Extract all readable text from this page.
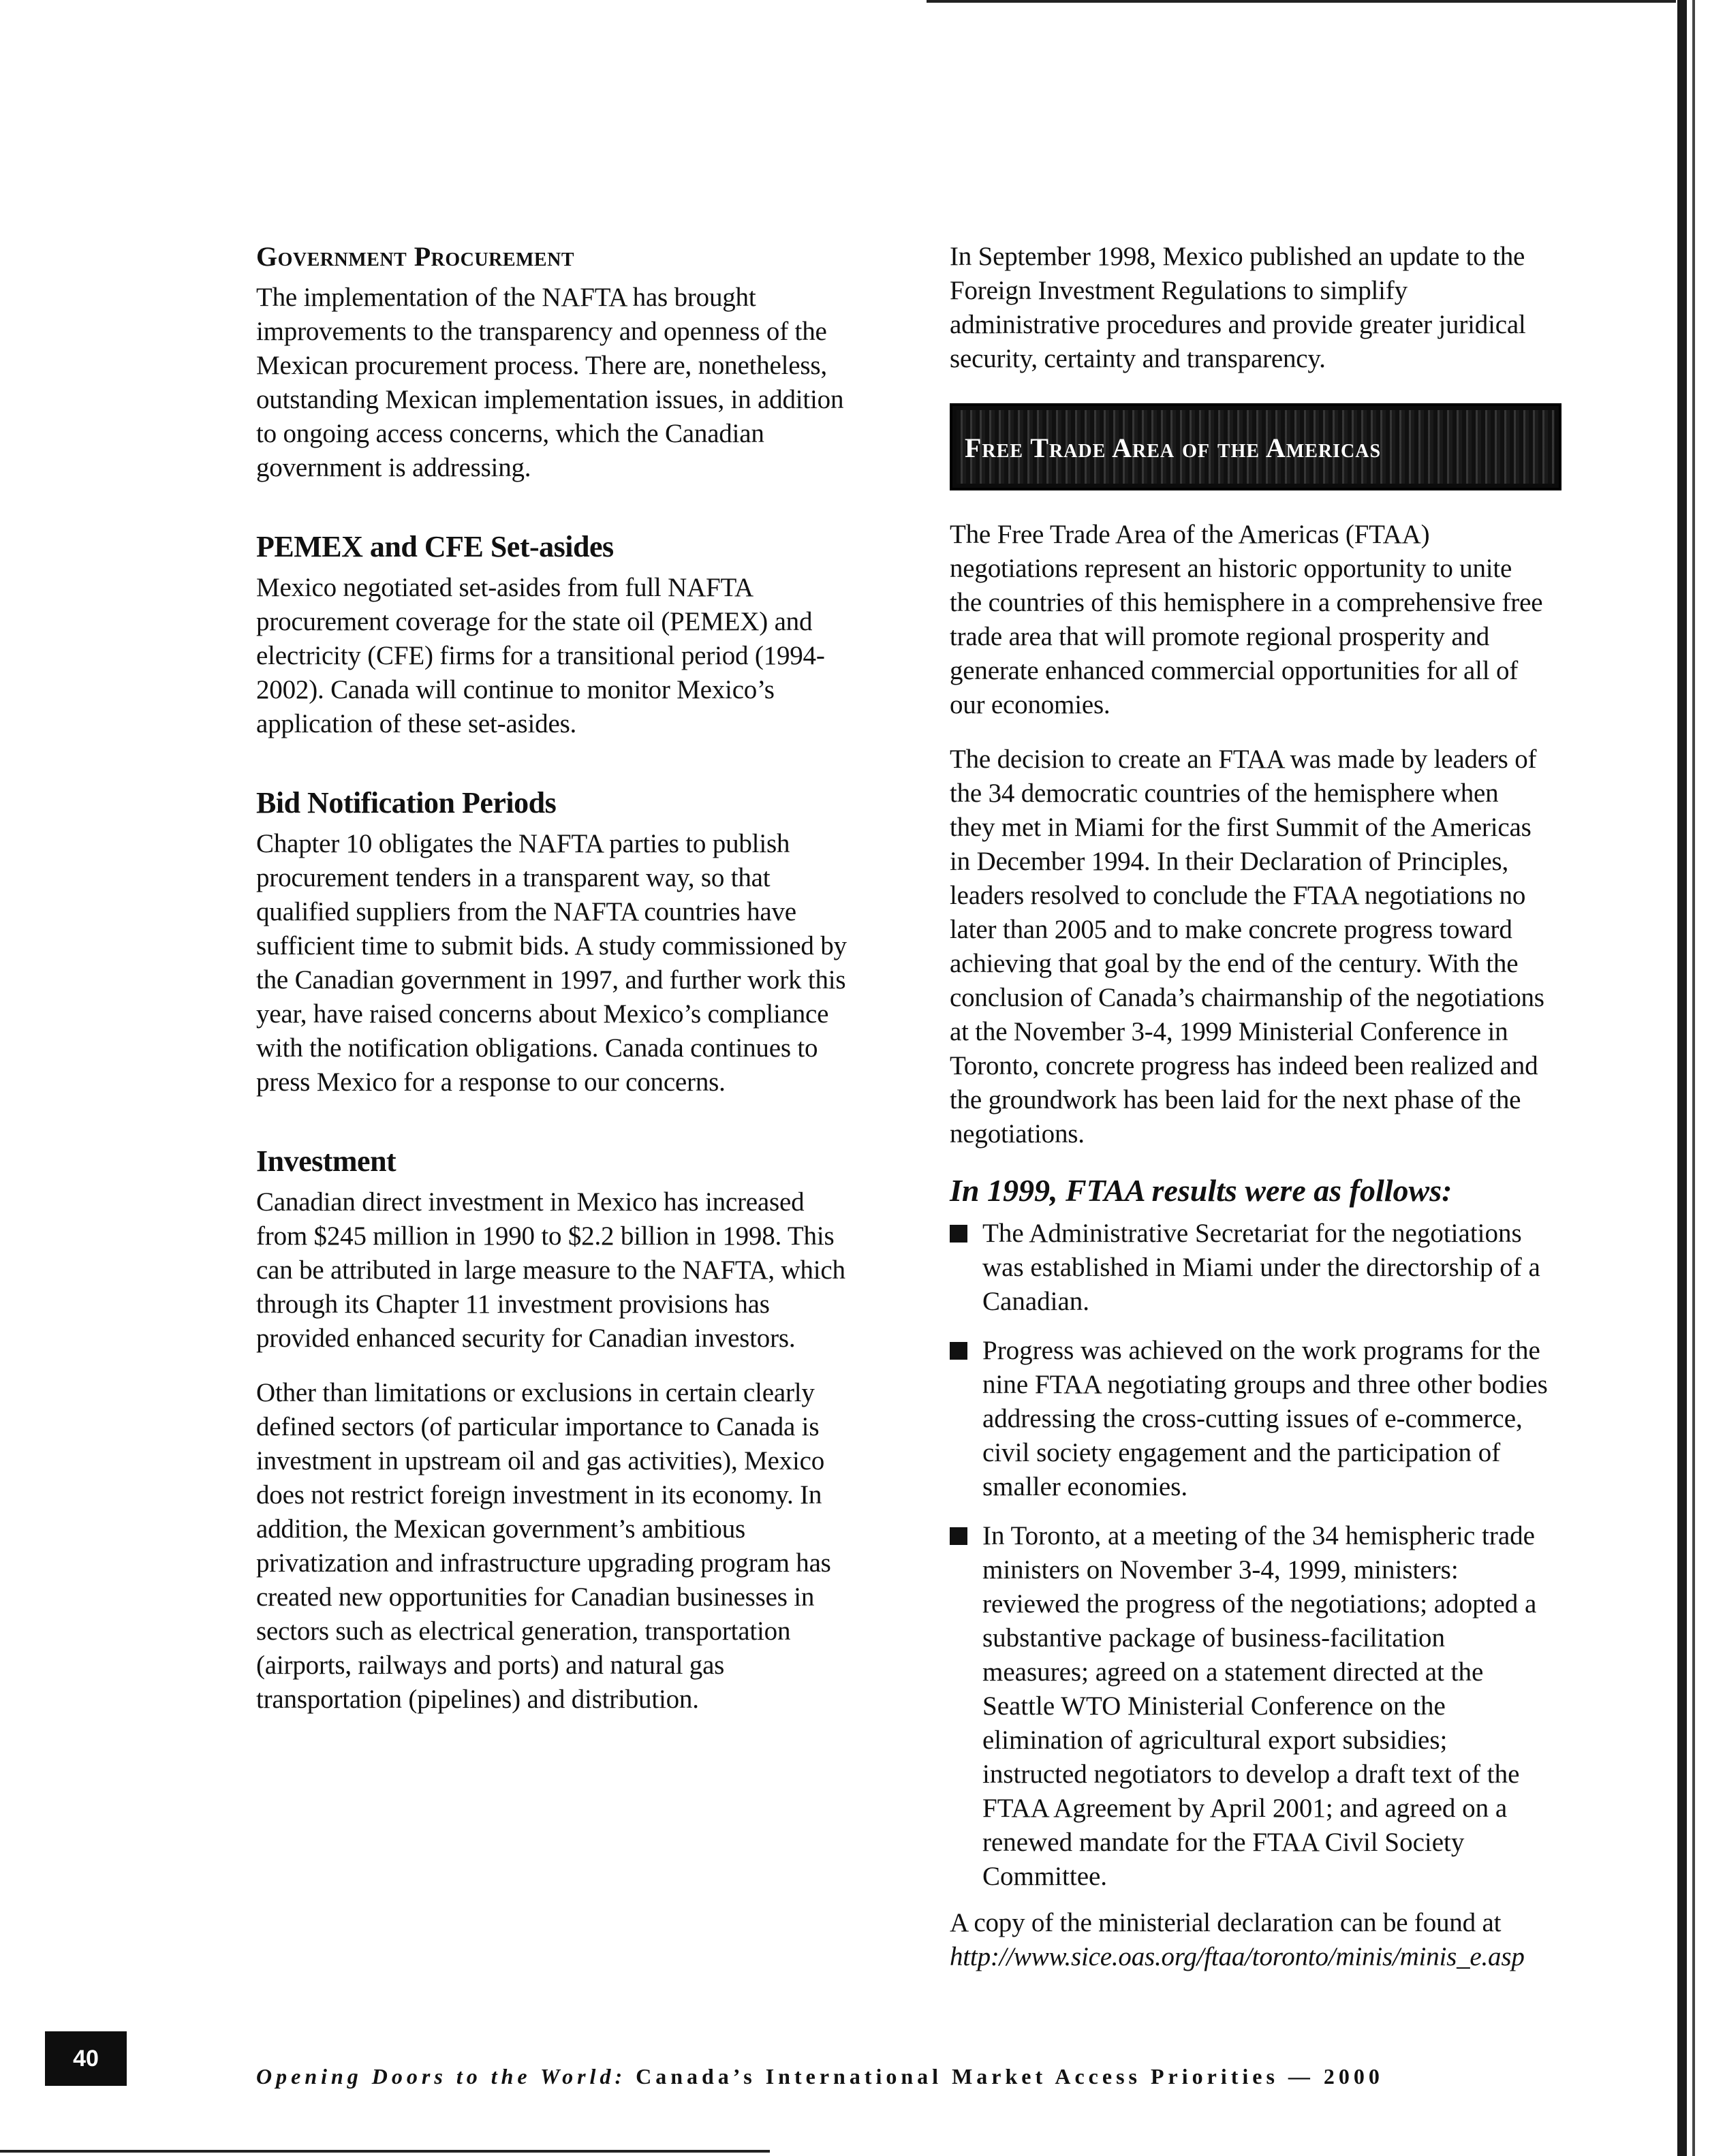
Government Procurement

The implementation of the NAFTA has brought improvements to the transparency and openness of the Mexican procurement process. There are, nonetheless, outstanding Mexican implementation issues, in addition to ongoing access concerns, which the Canadian government is addressing.

PEMEX and CFE Set-asides

Mexico negotiated set-asides from full NAFTA procurement coverage for the state oil (PEMEX) and electricity (CFE) firms for a transitional period (1994-2002). Canada will continue to monitor Mexico’s application of these set-asides.

Bid Notification Periods

Chapter 10 obligates the NAFTA parties to publish procurement tenders in a transparent way, so that qualified suppliers from the NAFTA countries have sufficient time to submit bids. A study commissioned by the Canadian government in 1997, and further work this year, have raised concerns about Mexico’s compliance with the notification obligations. Canada continues to press Mexico for a response to our concerns.

Investment

Canadian direct investment in Mexico has increased from $245 million in 1990 to $2.2 billion in 1998. This can be attributed in large measure to the NAFTA, which through its Chapter 11 investment provisions has provided enhanced security for Canadian investors.

Other than limitations or exclusions in certain clearly defined sectors (of particular importance to Canada is investment in upstream oil and gas activities), Mexico does not restrict foreign investment in its economy. In addition, the Mexican government’s ambitious privatization and infrastructure upgrading program has created new opportunities for Canadian businesses in sectors such as electrical generation, transportation (airports, railways and ports) and natural gas transportation (pipelines) and distribution.

In September 1998, Mexico published an update to the Foreign Investment Regulations to simplify administrative procedures and provide greater juridical security, certainty and transparency.

Free Trade Area of the Americas

The Free Trade Area of the Americas (FTAA) negotiations represent an historic opportunity to unite the countries of this hemisphere in a comprehensive free trade area that will promote regional prosperity and generate enhanced commercial opportunities for all of our economies.

The decision to create an FTAA was made by leaders of the 34 democratic countries of the hemisphere when they met in Miami for the first Summit of the Americas in December 1994. In their Declaration of Principles, leaders resolved to conclude the FTAA negotiations no later than 2005 and to make concrete progress toward achieving that goal by the end of the century. With the conclusion of Canada’s chairmanship of the negotiations at the November 3-4, 1999 Ministerial Conference in Toronto, concrete progress has indeed been realized and the groundwork has been laid for the next phase of the negotiations.

In 1999, FTAA results were as follows:
The Administrative Secretariat for the negotiations was established in Miami under the directorship of a Canadian.
Progress was achieved on the work programs for the nine FTAA negotiating groups and three other bodies addressing the cross-cutting issues of e-commerce, civil society engagement and the participation of smaller economies.
In Toronto, at a meeting of the 34 hemispheric trade ministers on November 3-4, 1999, ministers: reviewed the progress of the negotiations; adopted a substantive package of business-facilitation measures; agreed on a statement directed at the Seattle WTO Ministerial Conference on the elimination of agricultural export subsidies; instructed negotiators to develop a draft text of the FTAA Agreement by April 2001; and agreed on a renewed mandate for the FTAA Civil Society Committee.

A copy of the ministerial declaration can be found at
http://www.sice.oas.org/ftaa/toronto/minis/minis_e.asp

40
Opening Doors to the World: Canada’s International Market Access Priorities — 2000
